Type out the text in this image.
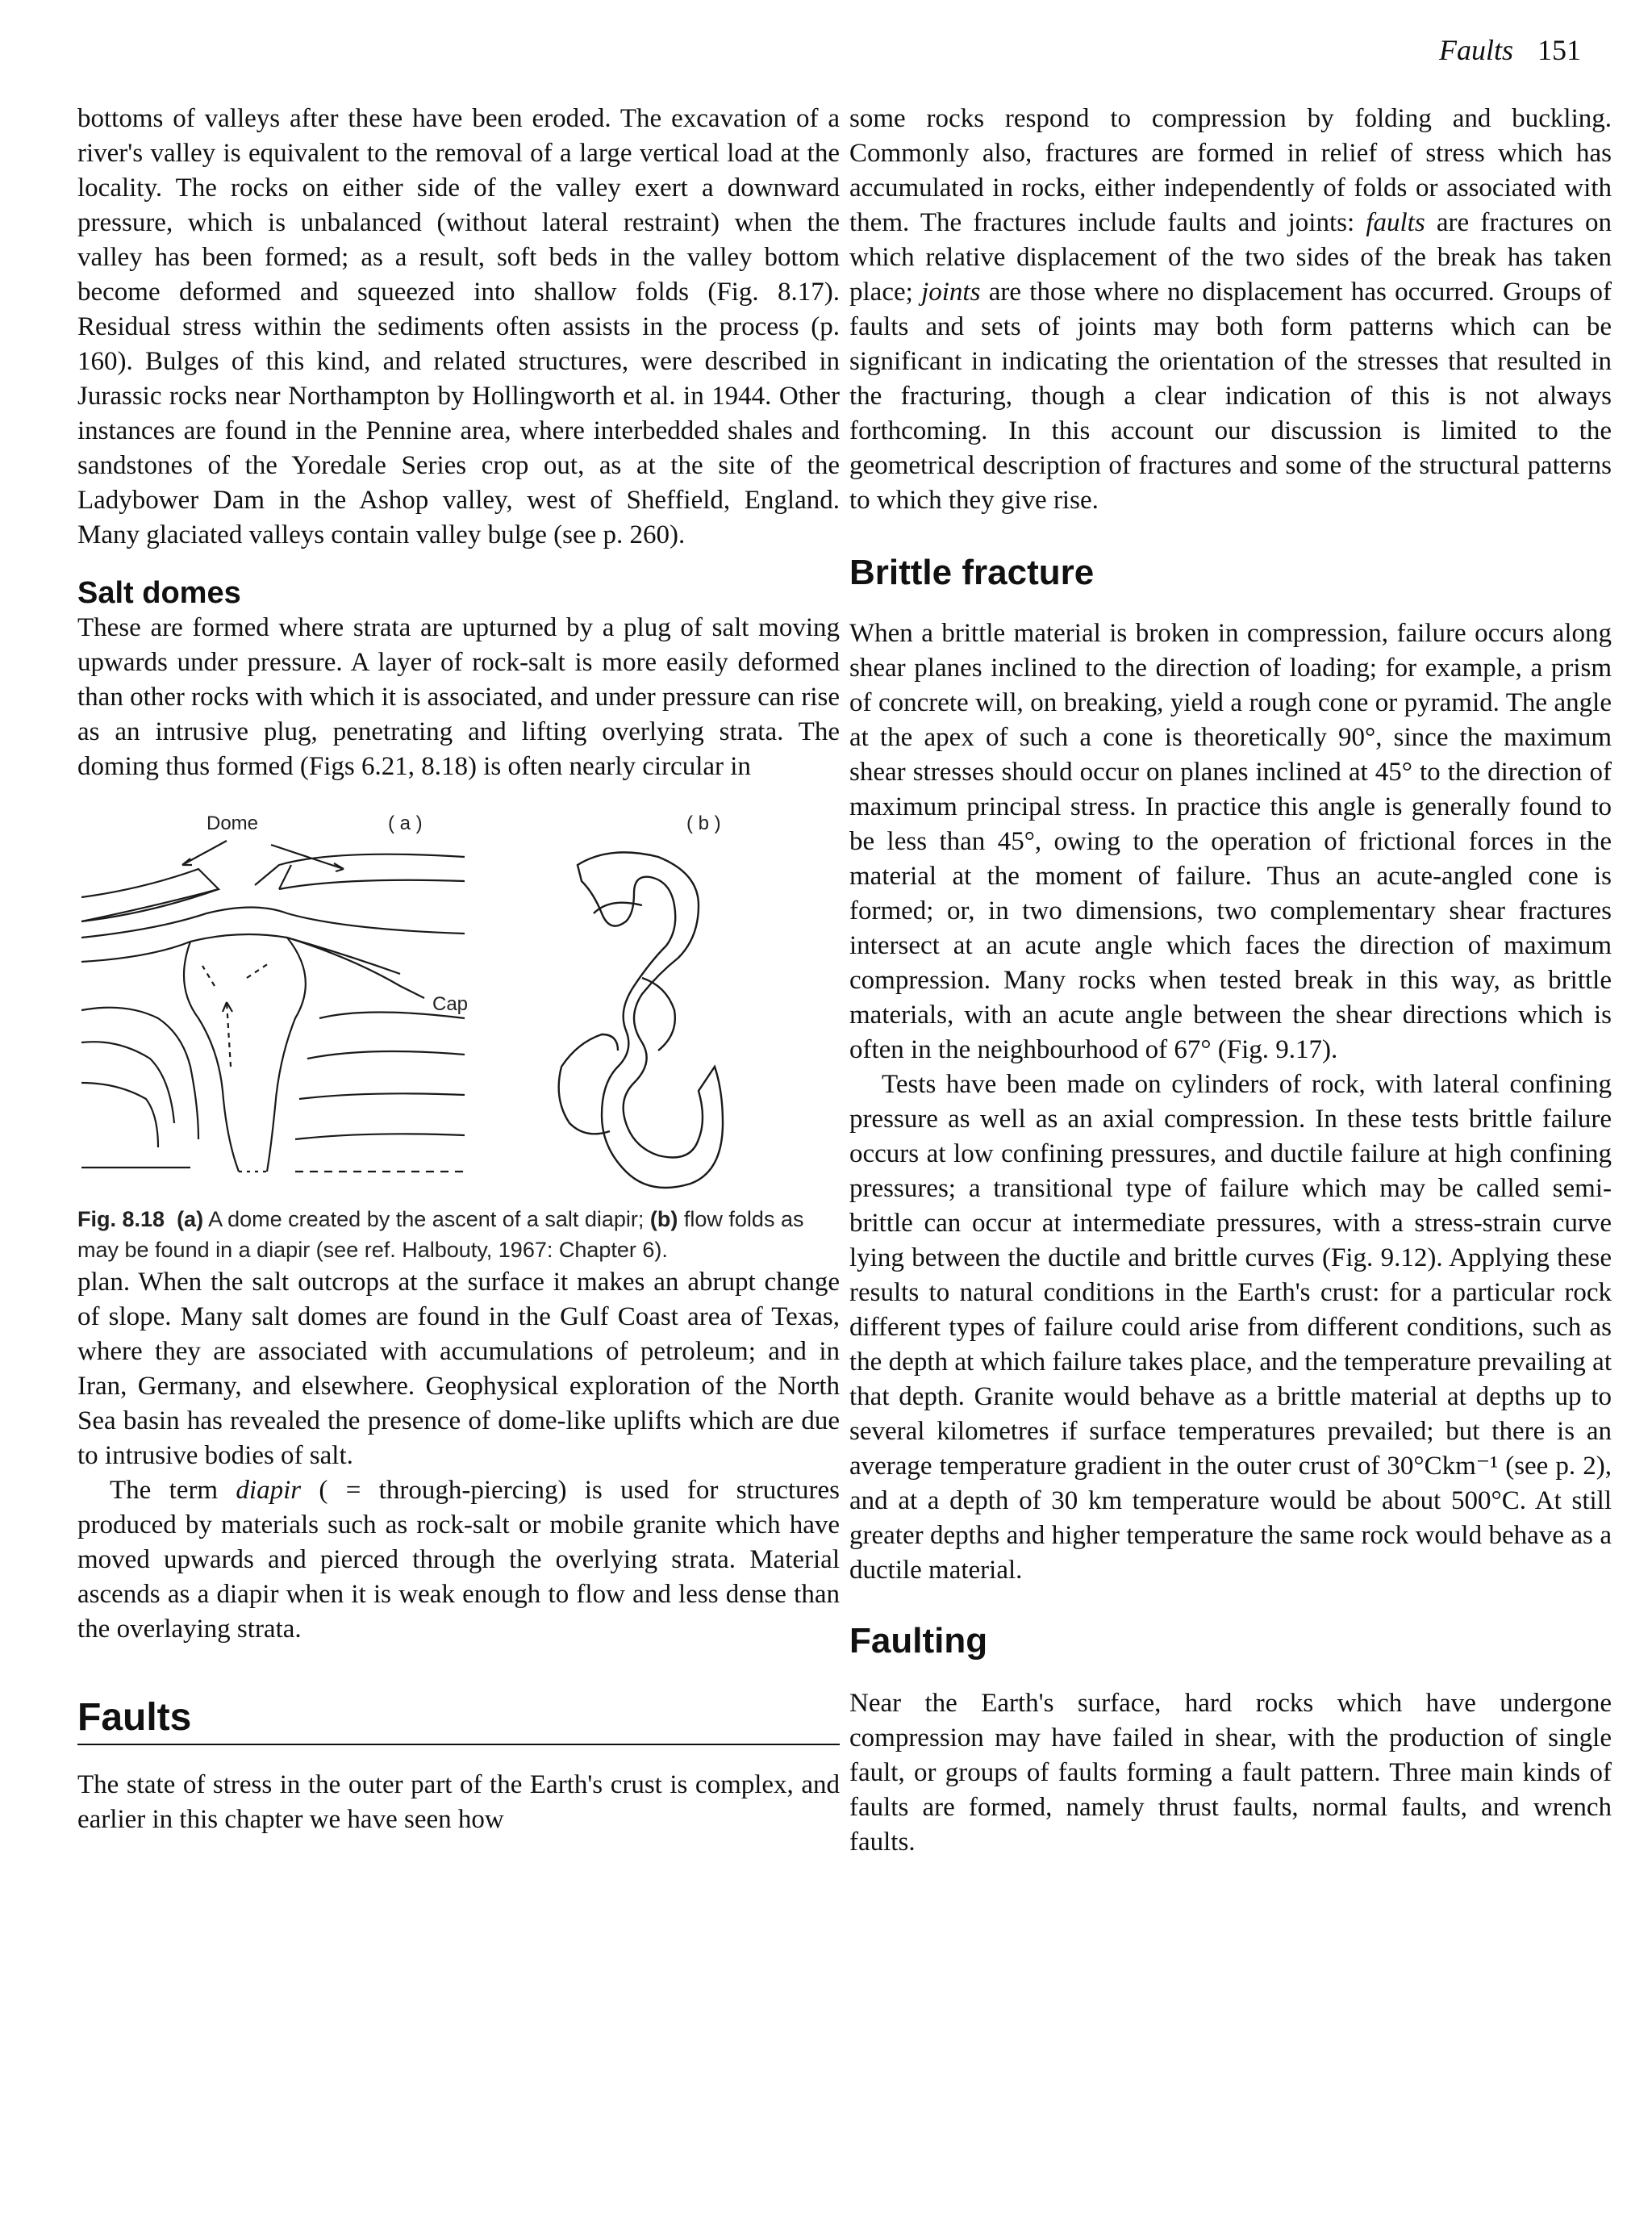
Faults 151

bottoms of valleys after these have been eroded. The excavation of a river's valley is equivalent to the removal of a large vertical load at the locality. The rocks on either side of the valley exert a downward pressure, which is unbalanced (without lateral restraint) when the valley has been formed; as a result, soft beds in the valley bottom become deformed and squeezed into shallow folds (Fig. 8.17). Residual stress within the sediments often assists in the process (p. 160). Bulges of this kind, and related structures, were described in Jurassic rocks near Northampton by Hollingworth et al. in 1944. Other instances are found in the Pennine area, where interbedded shales and sandstones of the Yoredale Series crop out, as at the site of the Ladybower Dam in the Ashop valley, west of Sheffield, England. Many glaciated valleys contain valley bulge (see p. 260).

Salt domes

These are formed where strata are upturned by a plug of salt moving upwards under pressure. A layer of rock-salt is more easily deformed than other rocks with which it is associated, and under pressure can rise as an intrusive plug, penetrating and lifting overlying strata. The doming thus formed (Figs 6.21, 8.18) is often nearly circular in

Dome	( a )	( b )
Cap

Fig. 8.18 (a) A dome created by the ascent of a salt diapir; (b) flow folds as may be found in a diapir (see ref. Halbouty, 1967: Chapter 6).

plan. When the salt outcrops at the surface it makes an abrupt change of slope. Many salt domes are found in the Gulf Coast area of Texas, where they are associated with accumulations of petroleum; and in Iran, Germany, and elsewhere. Geophysical exploration of the North Sea basin has revealed the presence of dome-like uplifts which are due to intrusive bodies of salt.

The term diapir ( = through-piercing) is used for structures produced by materials such as rock-salt or mobile granite which have moved upwards and pierced through the overlying strata. Material ascends as a diapir when it is weak enough to flow and less dense than the overlaying strata.

Faults

The state of stress in the outer part of the Earth's crust is complex, and earlier in this chapter we have seen how

some rocks respond to compression by folding and buckling. Commonly also, fractures are formed in relief of stress which has accumulated in rocks, either independently of folds or associated with them. The fractures include faults and joints: faults are fractures on which relative displacement of the two sides of the break has taken place; joints are those where no displacement has occurred. Groups of faults and sets of joints may both form patterns which can be significant in indicating the orientation of the stresses that resulted in the fracturing, though a clear indication of this is not always forthcoming. In this account our discussion is limited to the geometrical description of fractures and some of the structural patterns to which they give rise.

Brittle fracture

When a brittle material is broken in compression, failure occurs along shear planes inclined to the direction of loading; for example, a prism of concrete will, on breaking, yield a rough cone or pyramid. The angle at the apex of such a cone is theoretically 90°, since the maximum shear stresses should occur on planes inclined at 45° to the direction of maximum principal stress. In practice this angle is generally found to be less than 45°, owing to the operation of frictional forces in the material at the moment of failure. Thus an acute-angled cone is formed; or, in two dimensions, two complementary shear fractures intersect at an acute angle which faces the direction of maximum compression. Many rocks when tested break in this way, as brittle materials, with an acute angle between the shear directions which is often in the neighbourhood of 67° (Fig. 9.17).

Tests have been made on cylinders of rock, with lateral confining pressure as well as an axial compression. In these tests brittle failure occurs at low confining pressures, and ductile failure at high confining pressures; a transitional type of failure which may be called semi-brittle can occur at intermediate pressures, with a stress-strain curve lying between the ductile and brittle curves (Fig. 9.12). Applying these results to natural conditions in the Earth's crust: for a particular rock different types of failure could arise from different conditions, such as the depth at which failure takes place, and the temperature prevailing at that depth. Granite would behave as a brittle material at depths up to several kilometres if surface temperatures prevailed; but there is an average temperature gradient in the outer crust of 30°Ckm⁻¹ (see p. 2), and at a depth of 30 km temperature would be about 500°C. At still greater depths and higher temperature the same rock would behave as a ductile material.

Faulting

Near the Earth's surface, hard rocks which have undergone compression may have failed in shear, with the production of single fault, or groups of faults forming a fault pattern. Three main kinds of faults are formed, namely thrust faults, normal faults, and wrench faults.
